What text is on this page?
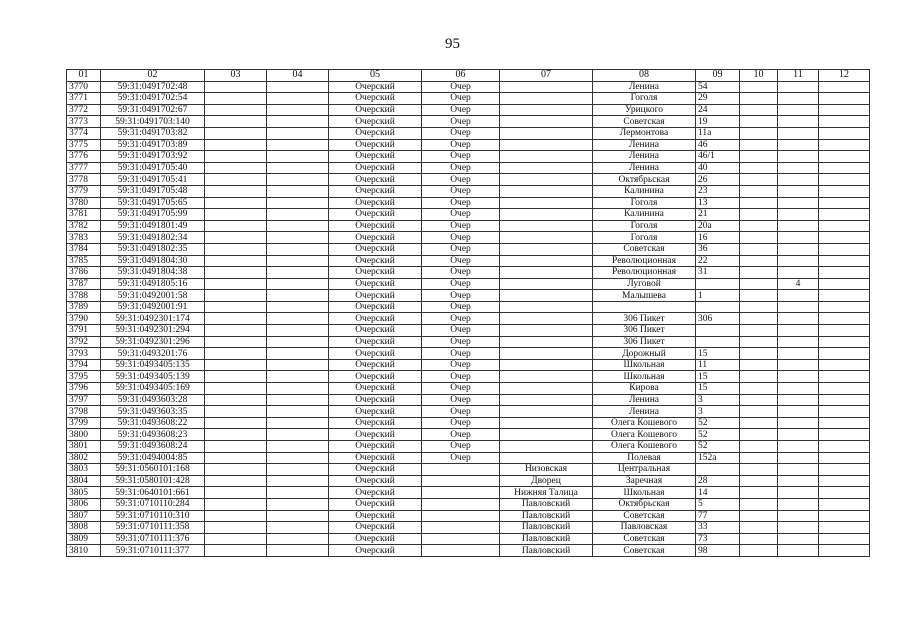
95
01	02	03	04	05	06	07	08	09	10	11	12
3770	59:31:0491702:48			Очерский	Очер		Ленина	54			
3771	59:31:0491702:54			Очерский	Очер		Гоголя	29			
3772	59:31:0491702:67			Очерский	Очер		Урицкого	24			
3773	59:31:0491703:140			Очерский	Очер		Советская	19			
3774	59:31:0491703:82			Очерский	Очер		Лермонтова	11а			
3775	59:31:0491703:89			Очерский	Очер		Ленина	46			
3776	59:31:0491703:92			Очерский	Очер		Ленина	46/1			
3777	59:31:0491705:40			Очерский	Очер		Ленина	40			
3778	59:31:0491705:41			Очерский	Очер		Октябрьская	26			
3779	59:31:0491705:48			Очерский	Очер		Калинина	23			
3780	59:31:0491705:65			Очерский	Очер		Гоголя	13			
3781	59:31:0491705:99			Очерский	Очер		Калинина	21			
3782	59:31:0491801:49			Очерский	Очер		Гоголя	20а			
3783	59:31:0491802:34			Очерский	Очер		Гоголя	16			
3784	59:31:0491802:35			Очерский	Очер		Советская	36			
3785	59:31:0491804:30			Очерский	Очер		Революционная	22			
3786	59:31:0491804:38			Очерский	Очер		Революционная	31			
3787	59:31:0491805:16			Очерский	Очер		Луговой			4	
3788	59:31:0492001:58			Очерский	Очер		Малышева	1			
3789	59:31:0492001:91			Очерский	Очер						
3790	59:31:0492301:174			Очерский	Очер		306 Пикет	306			
3791	59:31:0492301:294			Очерский	Очер		306 Пикет				
3792	59:31:0492301:296			Очерский	Очер		306 Пикет				
3793	59:31:0493201:76			Очерский	Очер		Дорожный	15			
3794	59:31:0493405:135			Очерский	Очер		Школьная	11			
3795	59:31:0493405:139			Очерский	Очер		Школьная	15			
3796	59:31:0493405:169			Очерский	Очер		Кирова	15			
3797	59:31:0493603:28			Очерский	Очер		Ленина	3			
3798	59:31:0493603:35			Очерский	Очер		Ленина	3			
3799	59:31:0493608:22			Очерский	Очер		Олега Кошевого	52			
3800	59:31:0493608:23			Очерский	Очер		Олега Кошевого	52			
3801	59:31:0493608:24			Очерский	Очер		Олега Кошевого	52			
3802	59:31:0494004:85			Очерский	Очер		Полевая	152а			
3803	59:31:0560101:168			Очерский		Низовская	Центральная				
3804	59:31:0580101:428			Очерский		Дворец	Заречная	28			
3805	59:31:0640101:661			Очерский		Нижняя Талица	Школьная	14			
3806	59:31:0710110:284			Очерский		Павловский	Октябрьская	5			
3807	59:31:0710110:310			Очерский		Павловский	Советская	77			
3808	59:31:0710111:358			Очерский		Павловский	Павловская	33			
3809	59:31:0710111:376			Очерский		Павловский	Советская	73			
3810	59:31:0710111:377			Очерский		Павловский	Советская	98			
